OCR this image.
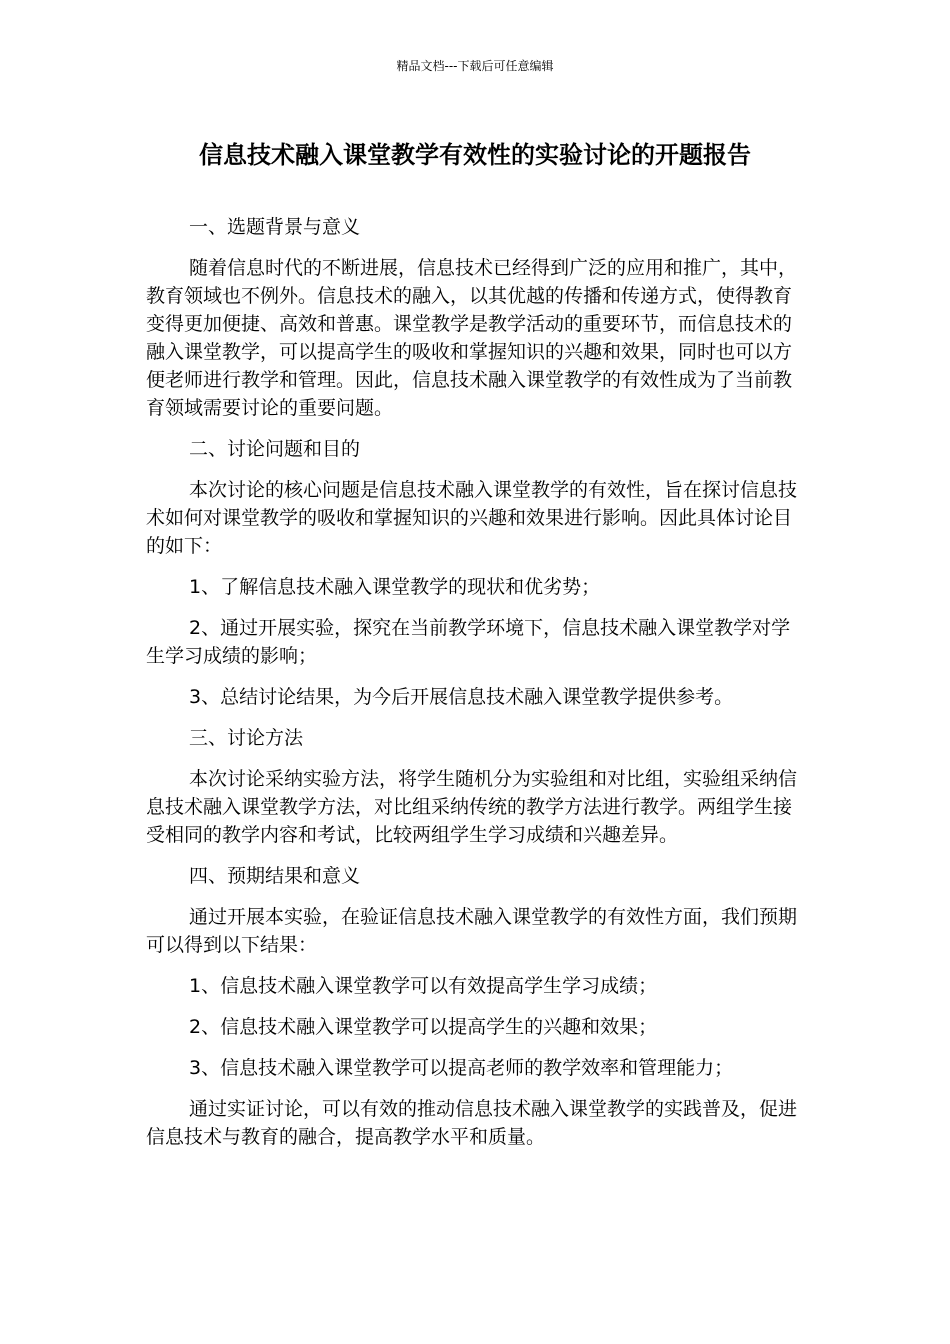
精品文档---下载后可任意编辑
信息技术融入课堂教学有效性的实验讨论的开题报告

一、选题背景与意义

随着信息时代的不断进展，信息技术已经得到广泛的应用和推广，其中，教育领域也不例外。信息技术的融入，以其优越的传播和传递方式，使得教育变得更加便捷、高效和普惠。课堂教学是教学活动的重要环节，而信息技术的融入课堂教学，可以提高学生的吸收和掌握知识的兴趣和效果，同时也可以方便老师进行教学和管理。因此，信息技术融入课堂教学的有效性成为了当前教育领域需要讨论的重要问题。

二、讨论问题和目的

本次讨论的核心问题是信息技术融入课堂教学的有效性，旨在探讨信息技术如何对课堂教学的吸收和掌握知识的兴趣和效果进行影响。因此具体讨论目的如下：

1、了解信息技术融入课堂教学的现状和优劣势；

2、通过开展实验，探究在当前教学环境下，信息技术融入课堂教学对学生学习成绩的影响；

3、总结讨论结果，为今后开展信息技术融入课堂教学提供参考。

三、讨论方法

本次讨论采纳实验方法，将学生随机分为实验组和对比组，实验组采纳信息技术融入课堂教学方法，对比组采纳传统的教学方法进行教学。两组学生接受相同的教学内容和考试，比较两组学生学习成绩和兴趣差异。

四、预期结果和意义

通过开展本实验，在验证信息技术融入课堂教学的有效性方面，我们预期可以得到以下结果：

1、信息技术融入课堂教学可以有效提高学生学习成绩；

2、信息技术融入课堂教学可以提高学生的兴趣和效果；

3、信息技术融入课堂教学可以提高老师的教学效率和管理能力；

通过实证讨论，可以有效的推动信息技术融入课堂教学的实践普及，促进信息技术与教育的融合，提高教学水平和质量。
